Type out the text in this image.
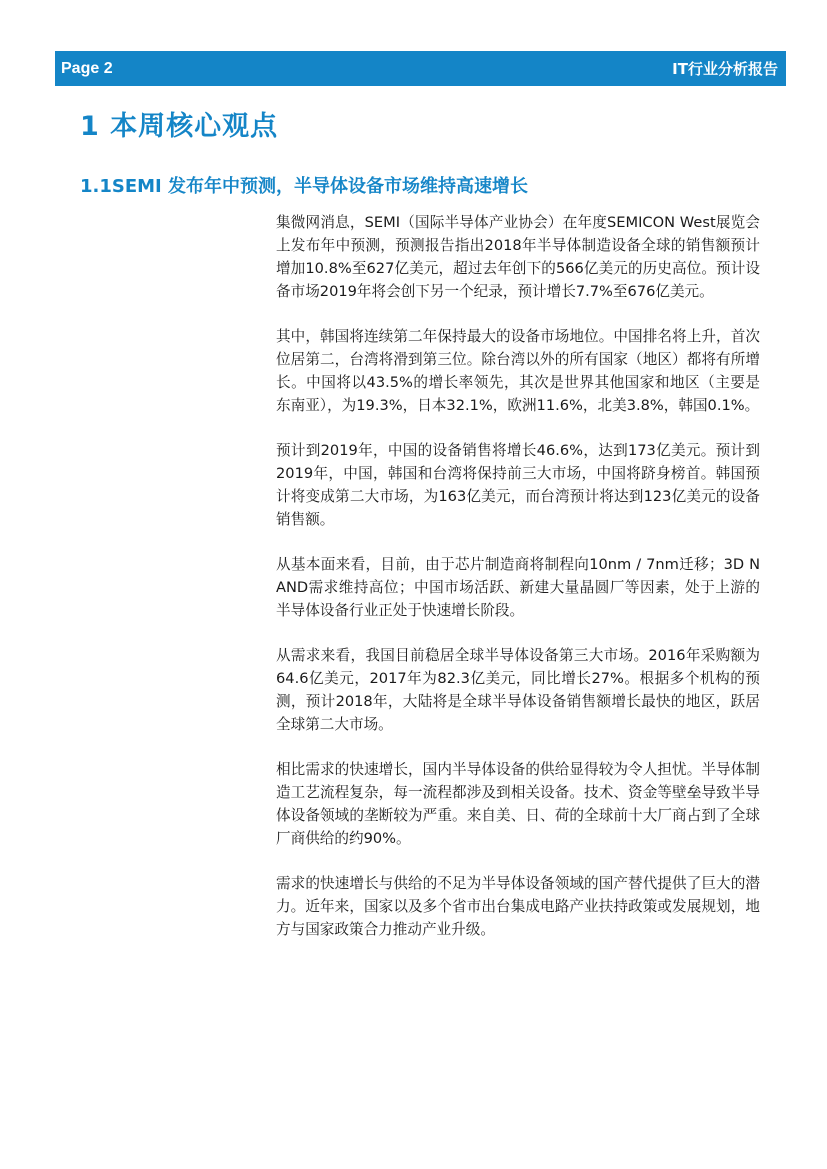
Page 2	IT行业分析报告
1 本周核心观点
1.1SEMI 发布年中预测，半导体设备市场维持高速增长

集微网消息，SEMI（国际半导体产业协会）在年度SEMICON West展览会上发布年中预测，预测报告指出2018年半导体制造设备全球的销售额预计增加10.8%至627亿美元，超过去年创下的566亿美元的历史高位。预计设备市场2019年将会创下另一个纪录，预计增长7.7%至676亿美元。

其中，韩国将连续第二年保持最大的设备市场地位。中国排名将上升，首次位居第二，台湾将滑到第三位。除台湾以外的所有国家（地区）都将有所增长。中国将以43.5%的增长率领先，其次是世界其他国家和地区（主要是东南亚），为19.3%，日本32.1%，欧洲11.6%，北美3.8%，韩国0.1%。

预计到2019年，中国的设备销售将增长46.6%，达到173亿美元。预计到2019年，中国，韩国和台湾将保持前三大市场，中国将跻身榜首。韩国预计将变成第二大市场，为163亿美元，而台湾预计将达到123亿美元的设备销售额。

从基本面来看，目前，由于芯片制造商将制程向10nm / 7nm迁移；3D NAND需求维持高位；中国市场活跃、新建大量晶圆厂等因素，处于上游的半导体设备行业正处于快速增长阶段。

从需求来看，我国目前稳居全球半导体设备第三大市场。2016年采购额为64.6亿美元，2017年为82.3亿美元，同比增长27%。根据多个机构的预测，预计2018年，大陆将是全球半导体设备销售额增长最快的地区，跃居全球第二大市场。

相比需求的快速增长，国内半导体设备的供给显得较为令人担忧。半导体制造工艺流程复杂，每一流程都涉及到相关设备。技术、资金等壁垒导致半导体设备领域的垄断较为严重。来自美、日、荷的全球前十大厂商占到了全球厂商供给的约90%。

需求的快速增长与供给的不足为半导体设备领域的国产替代提供了巨大的潜力。近年来，国家以及多个省市出台集成电路产业扶持政策或发展规划，地方与国家政策合力推动产业升级。
